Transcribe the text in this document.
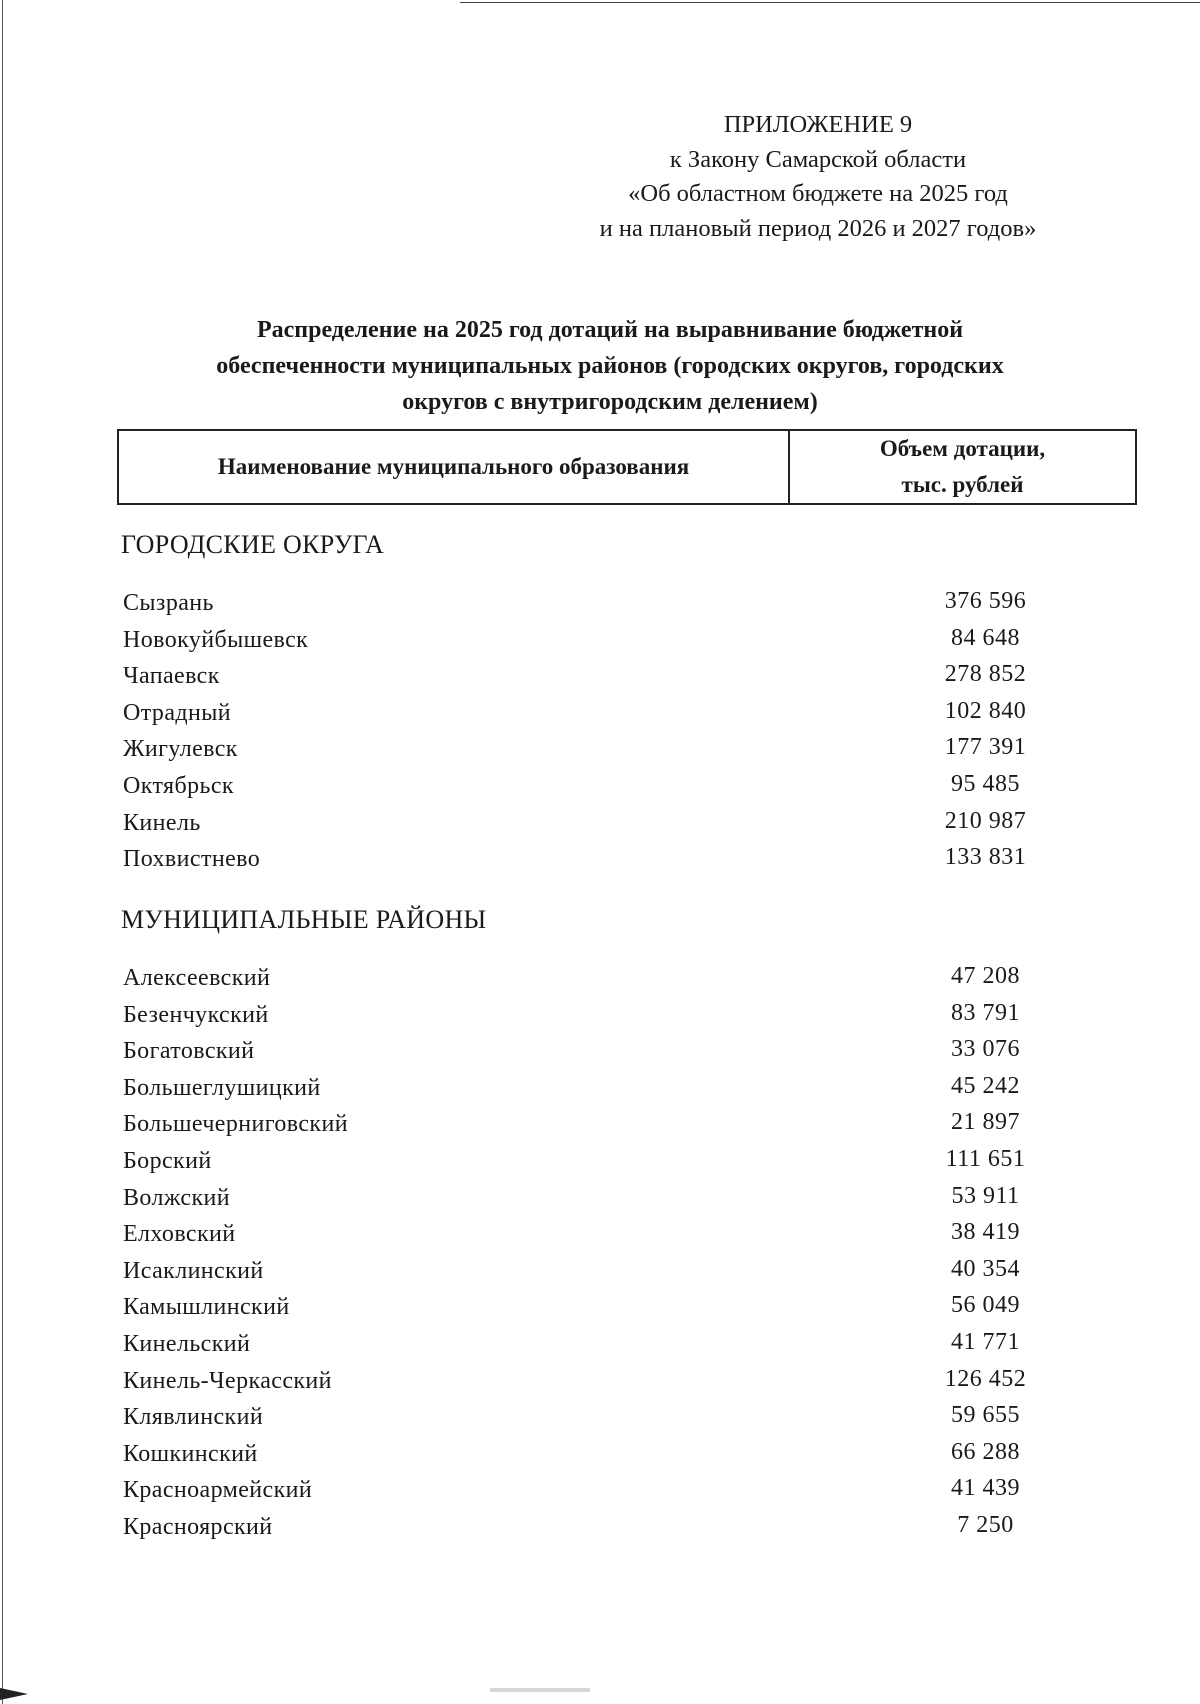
ПРИЛОЖЕНИЕ 9
к Закону Самарской области
«Об областном бюджете на 2025 год
и на плановый период 2026 и 2027 годов»
Распределение на 2025 год дотаций на выравнивание бюджетной
обеспеченности муниципальных районов (городских округов, городских
округов с внутригородским делением)
Наименование муниципального образования
Объем дотации,
тыс. рублей
ГОРОДСКИЕ ОКРУГА
Сызрань	376 596
Новокуйбышевск	84 648
Чапаевск	278 852
Отрадный	102 840
Жигулевск	177 391
Октябрьск	95 485
Кинель	210 987
Похвистнево	133 831
МУНИЦИПАЛЬНЫЕ РАЙОНЫ
Алексеевский	47 208
Безенчукский	83 791
Богатовский	33 076
Большеглушицкий	45 242
Большечерниговский	21 897
Борский	111 651
Волжский	53 911
Елховский	38 419
Исаклинский	40 354
Камышлинский	56 049
Кинельский	41 771
Кинель-Черкасский	126 452
Клявлинский	59 655
Кошкинский	66 288
Красноармейский	41 439
Красноярский	7 250
